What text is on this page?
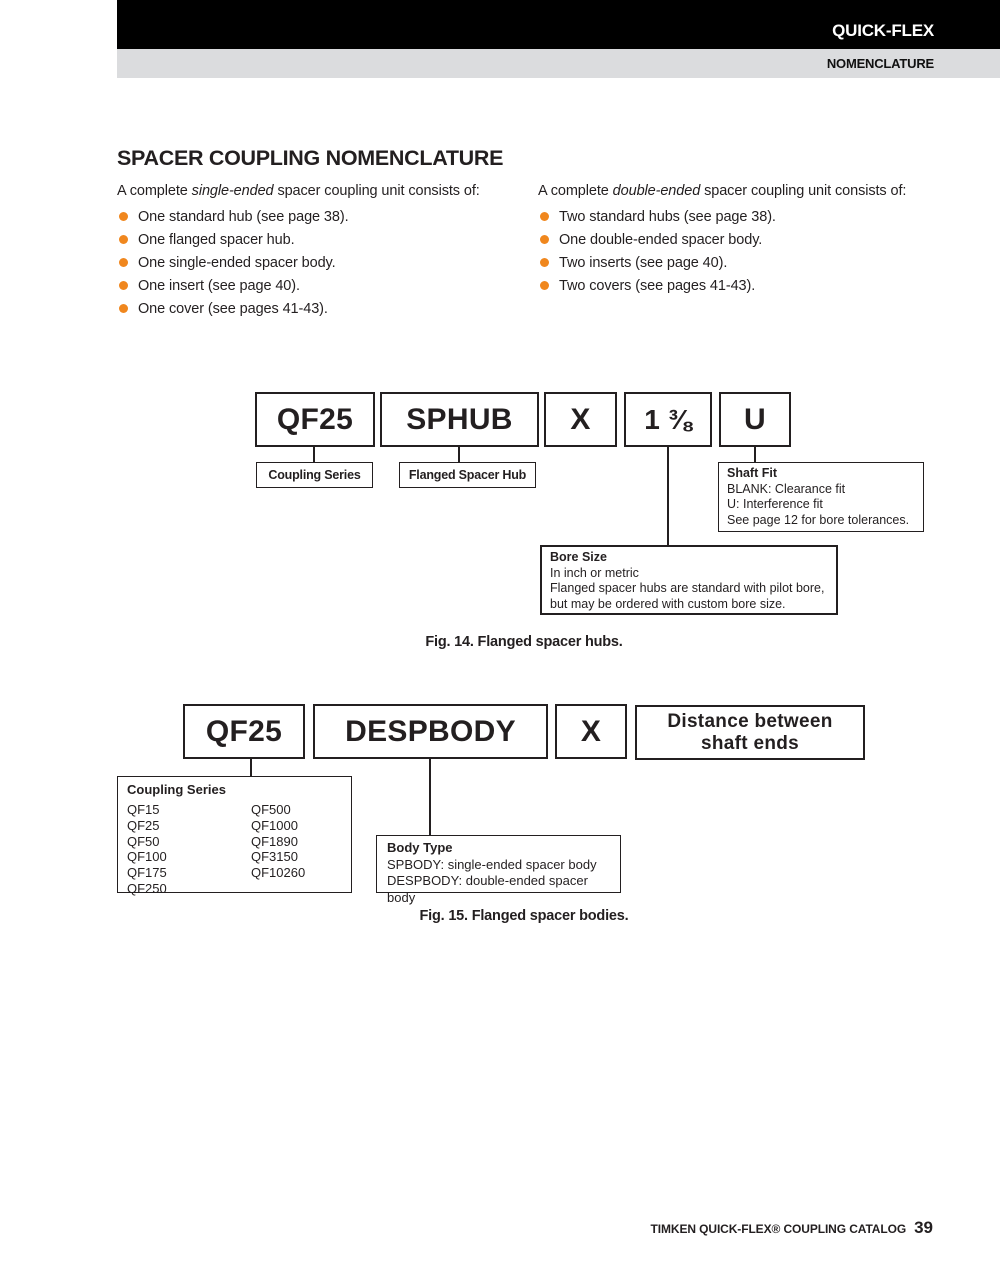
QUICK-FLEX
NOMENCLATURE
SPACER COUPLING NOMENCLATURE
A complete single-ended spacer coupling unit consists of:
One standard hub (see page 38).
One flanged spacer hub.
One single-ended spacer body.
One insert (see page 40).
One cover (see pages 41-43).
A complete double-ended spacer coupling unit consists of:
Two standard hubs (see page 38).
One double-ended spacer body.
Two inserts (see page 40).
Two covers (see pages 41-43).
QF25	SPHUB	X	1 ⅜	U
Coupling Series	Flanged Spacer Hub	Shaft Fit
BLANK: Clearance fit
U: Interference fit
See page 12 for bore tolerances.
Bore Size
In inch or metric
Flanged spacer hubs are standard with pilot bore,
but may be ordered with custom bore size.
Fig. 14. Flanged spacer hubs.
QF25	DESPBODY	X	Distance between shaft ends
Coupling Series
QF15
QF25
QF50
QF100
QF175
QF250
QF500
QF1000
QF1890
QF3150
QF10260
Body Type
SPBODY: single-ended spacer body
DESPBODY: double-ended spacer body
Fig. 15. Flanged spacer bodies.
TIMKEN QUICK-FLEX® COUPLING CATALOG 39
